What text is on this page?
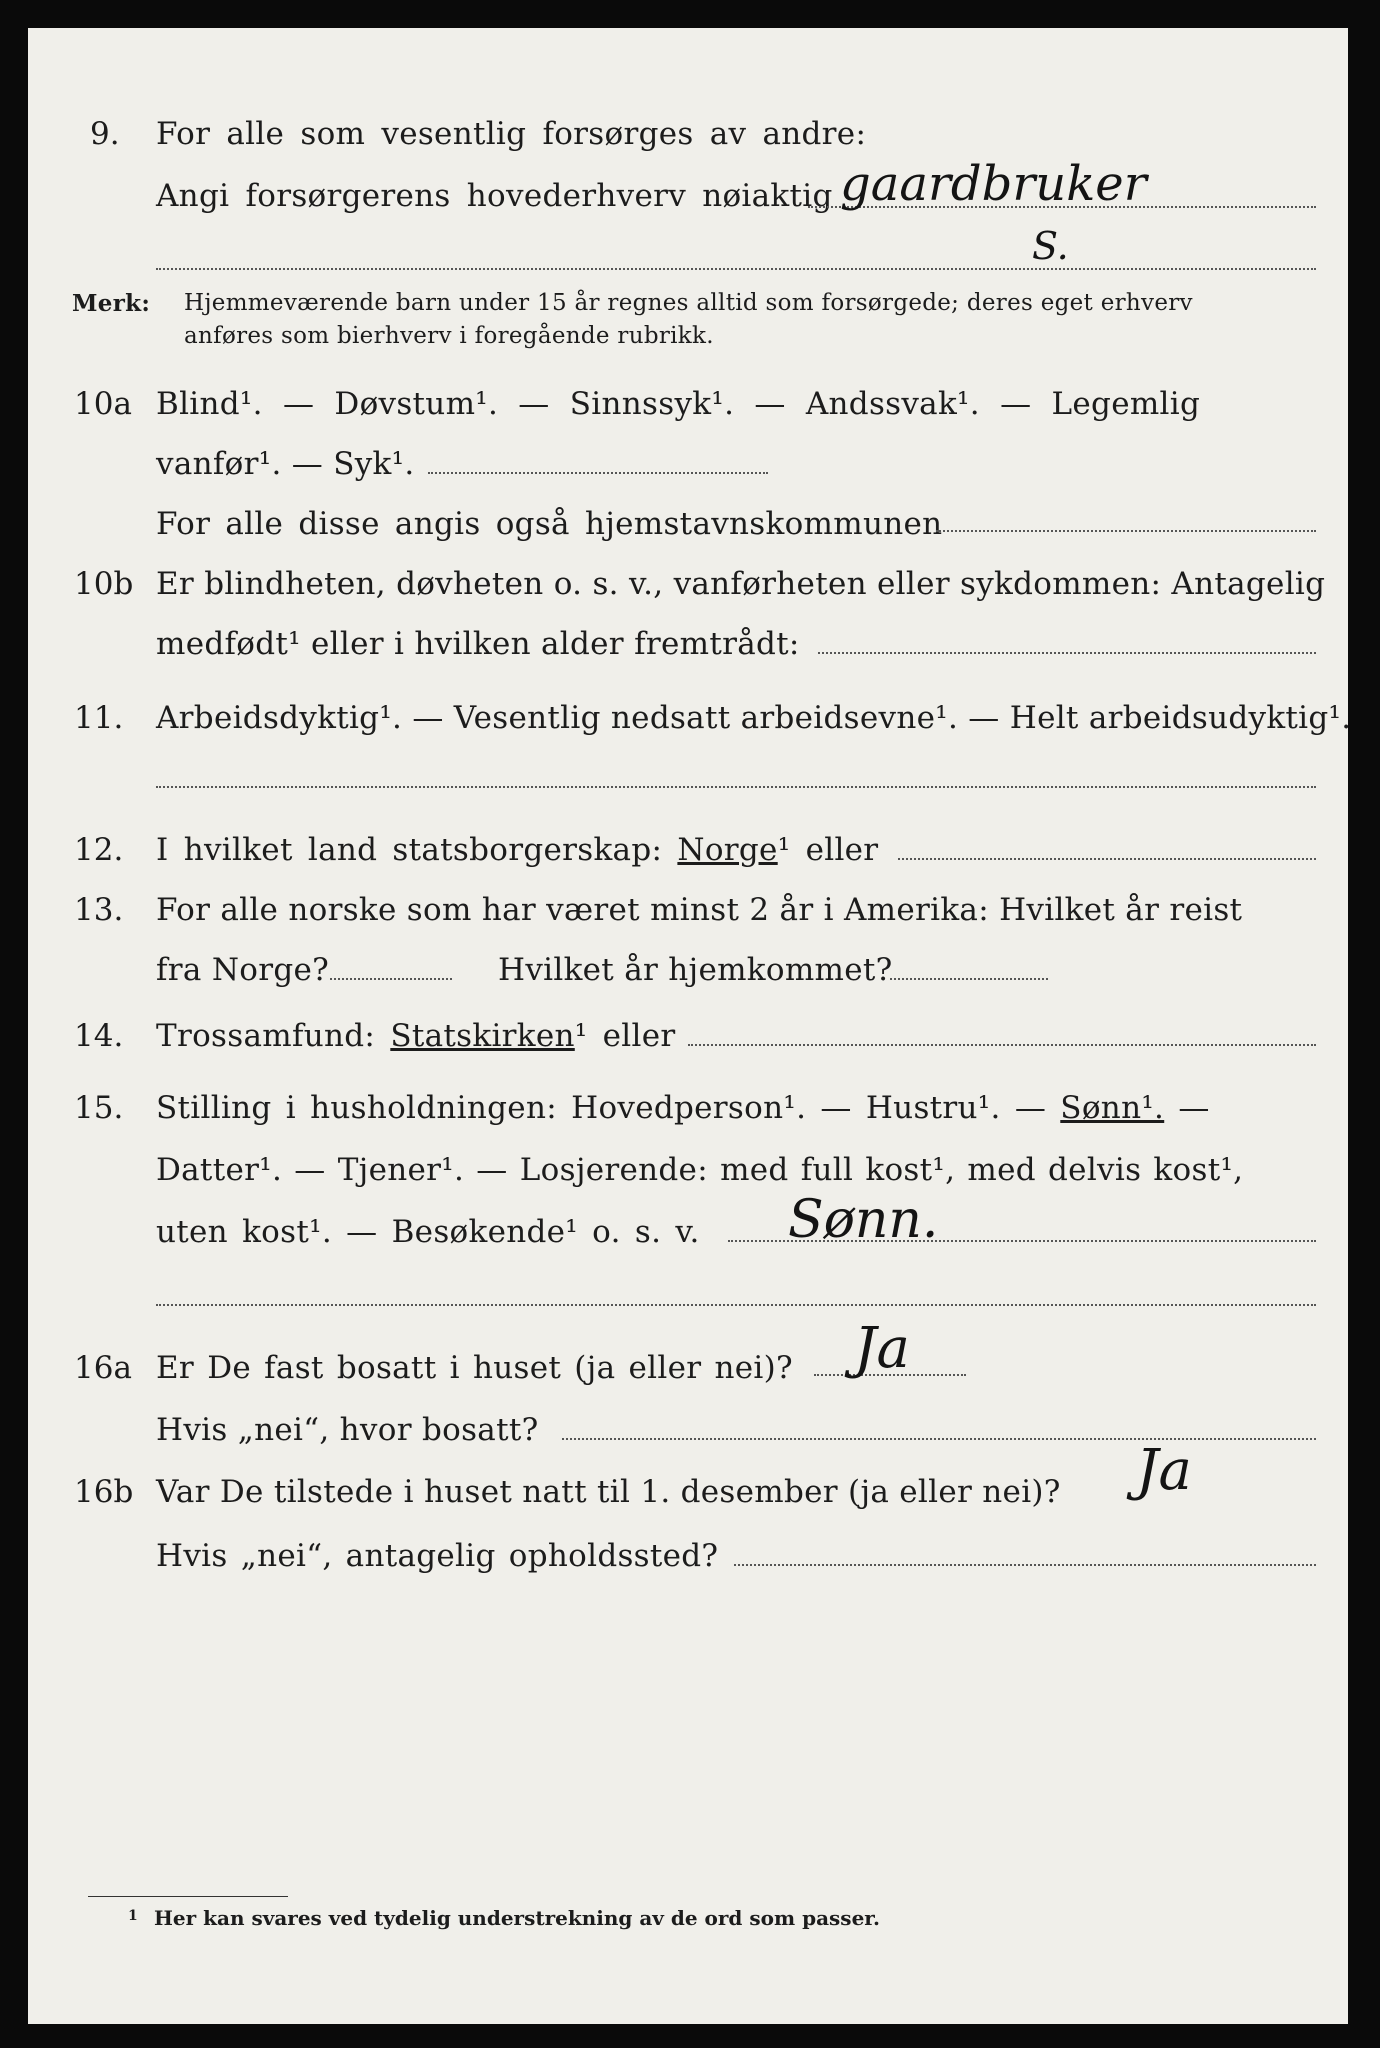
9. For alle som vesentlig forsørges av andre:
Angi forsørgerens hovederhverv nøiaktig gaardbruker
S.
Merk: Hjemmeværende barn under 15 år regnes alltid som forsørgede; deres eget erhverv
anføres som bierhverv i foregående rubrikk.
10a Blind¹. — Døvstum¹. — Sinnssyk¹. — Andssvak¹. — Legemlig
vanfør¹. — Syk¹.
For alle disse angis også hjemstavnskommunen
10b Er blindheten, døvheten o. s. v., vanførheten eller sykdommen: Antagelig
medfødt¹ eller i hvilken alder fremtrådt:
11. Arbeidsdyktig¹. — Vesentlig nedsatt arbeidsevne¹. — Helt arbeidsudyktig¹.
12. I hvilket land statsborgerskap: Norge¹ eller
13. For alle norske som har været minst 2 år i Amerika: Hvilket år reist
fra Norge?	Hvilket år hjemkommet?
14. Trossamfund: Statskirken¹ eller
15. Stilling i husholdningen: Hovedperson¹. — Hustru¹. — Sønn¹. —
Datter¹. — Tjener¹. — Losjerende: med full kost¹, med delvis kost¹,
uten kost¹. — Besøkende¹ o. s. v. Sønn.
16a Er De fast bosatt i huset (ja eller nei)? Ja
Hvis „nei“, hvor bosatt?
16b Var De tilstede i huset natt til 1. desember (ja eller nei)? Ja
Hvis „nei“, antagelig opholdssted?
1 Her kan svares ved tydelig understrekning av de ord som passer.
